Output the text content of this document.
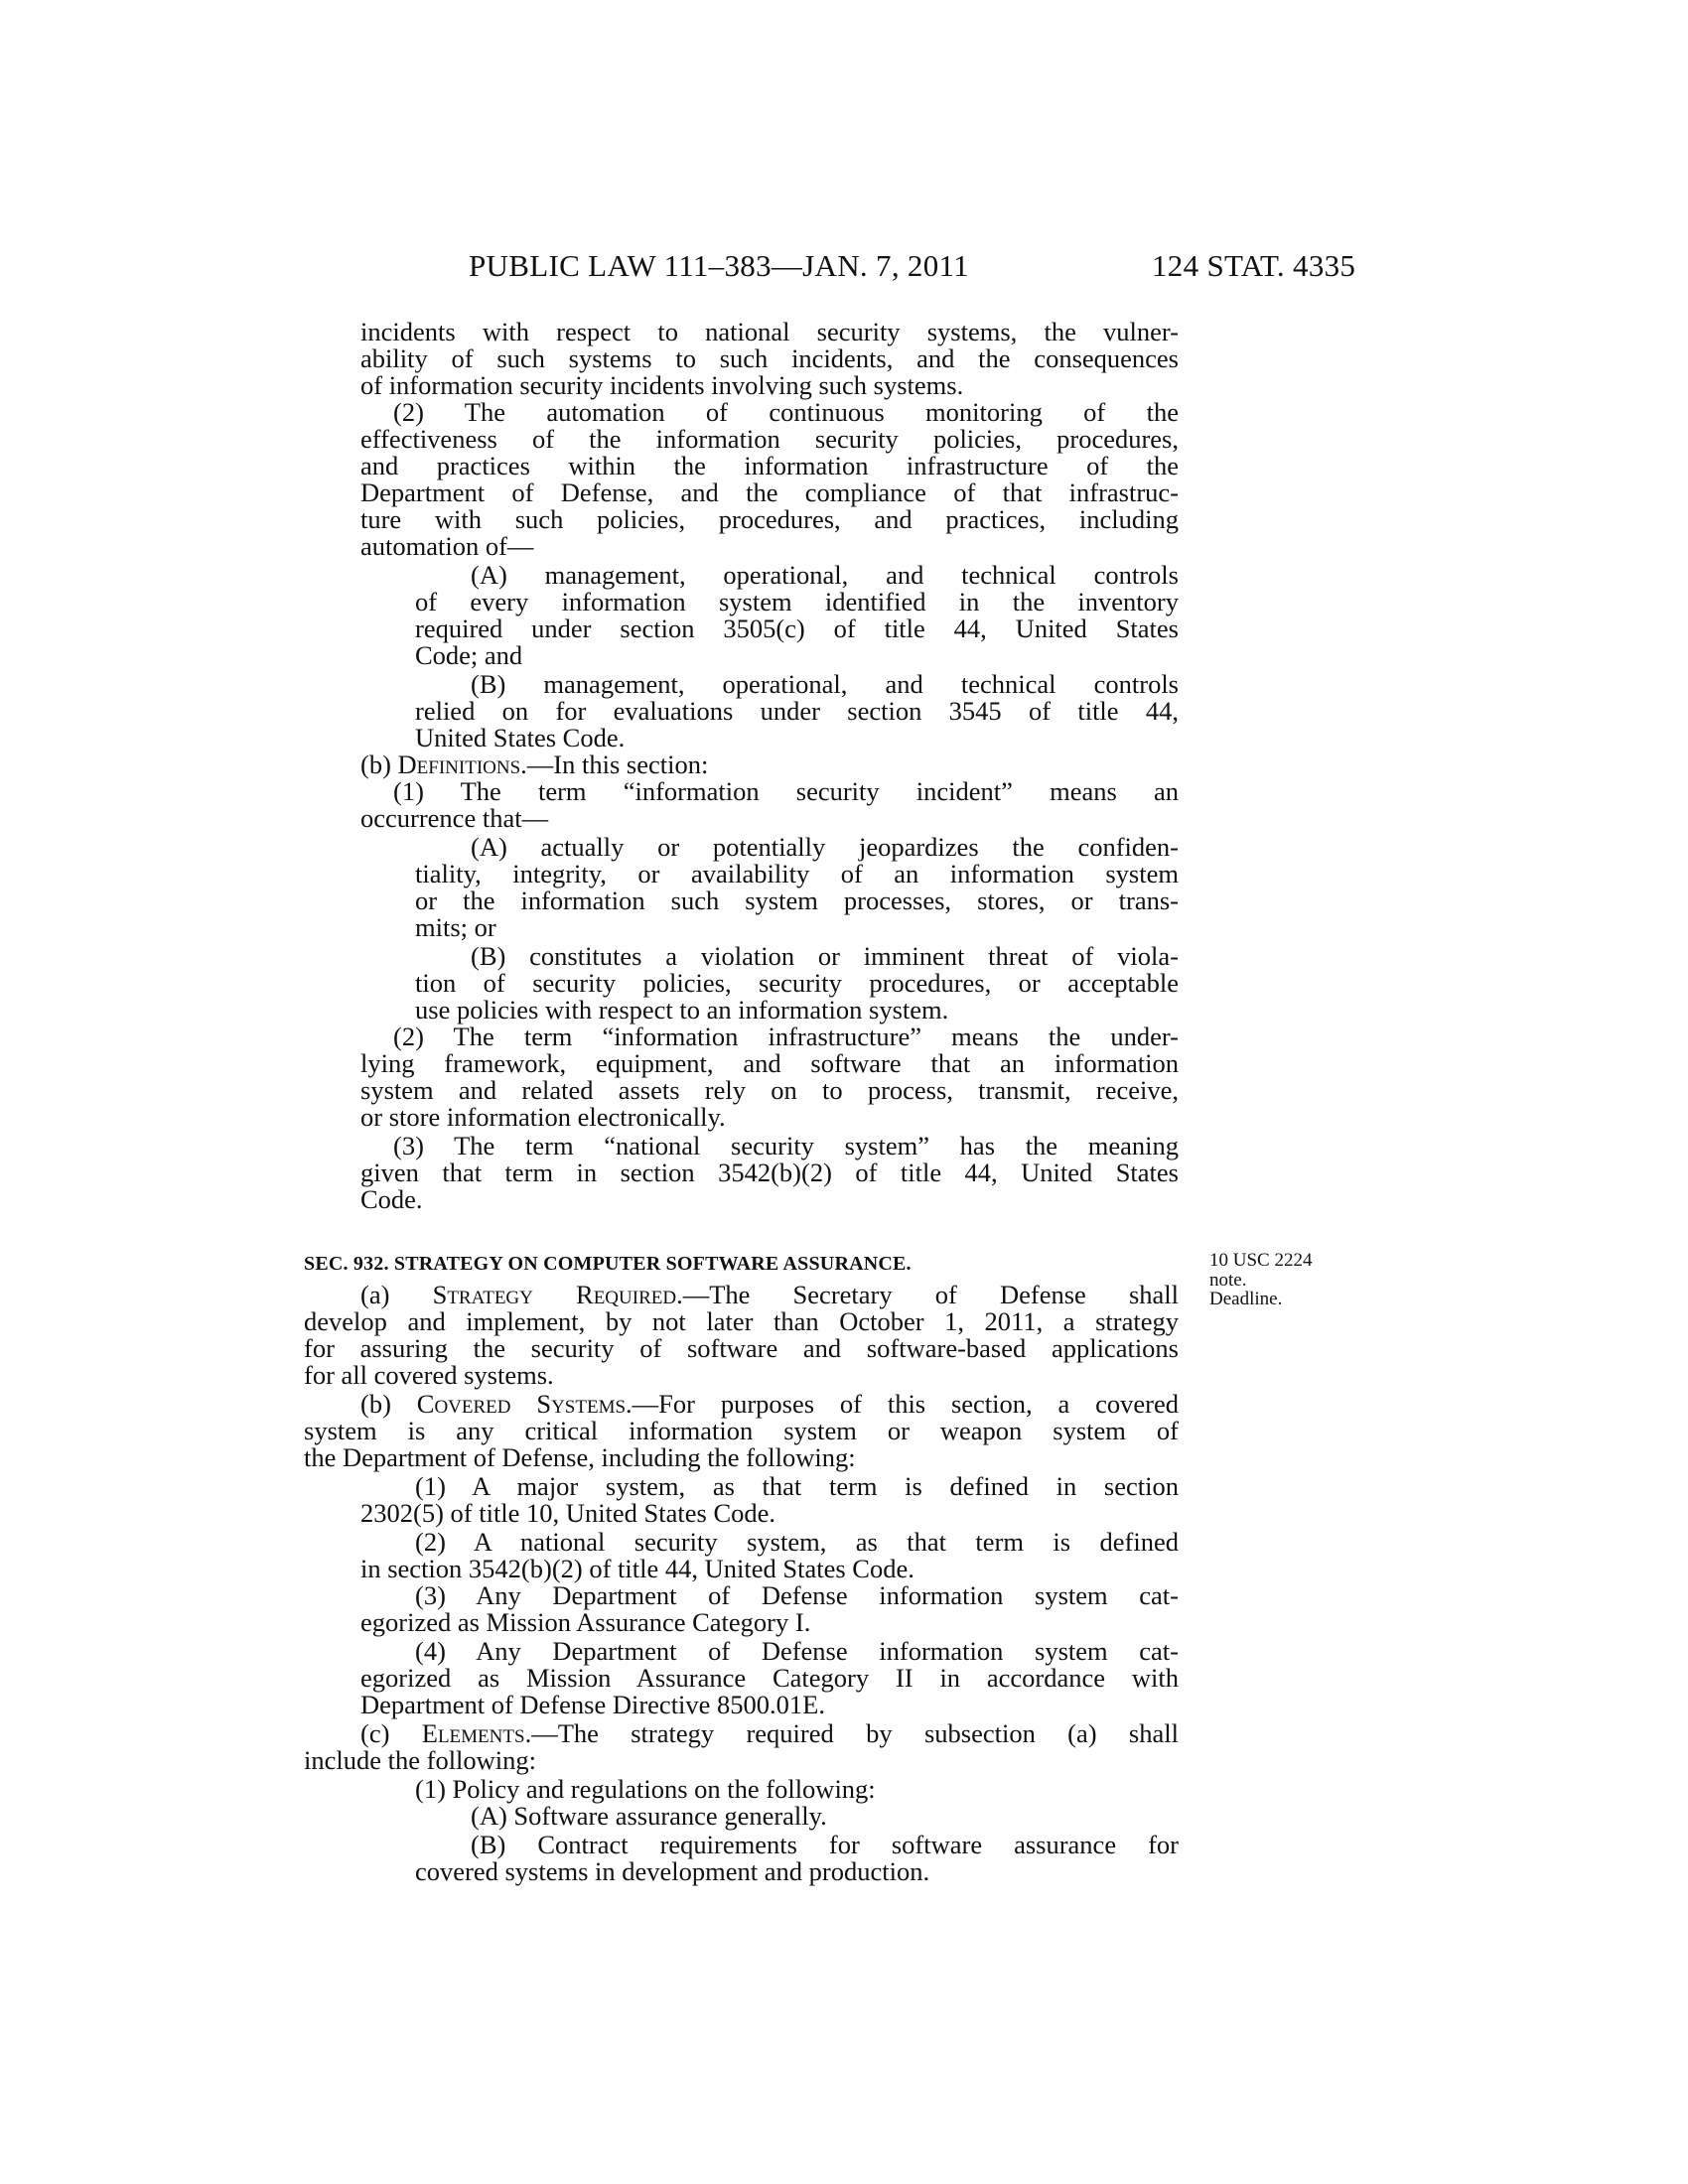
PUBLIC LAW 111–383—JAN. 7, 2011	124 STAT. 4335
incidents with respect to national security systems, the vulner-
ability of such systems to such incidents, and the consequences
of information security incidents involving such systems.
(2) The automation of continuous monitoring of the
effectiveness of the information security policies, procedures,
and practices within the information infrastructure of the
Department of Defense, and the compliance of that infrastruc-
ture with such policies, procedures, and practices, including
automation of—
(A) management, operational, and technical controls
of every information system identified in the inventory
required under section 3505(c) of title 44, United States
Code; and
(B) management, operational, and technical controls
relied on for evaluations under section 3545 of title 44,
United States Code.
(b) Definitions.—In this section:
(1) The term “information security incident” means an
occurrence that—
(A) actually or potentially jeopardizes the confiden-
tiality, integrity, or availability of an information system
or the information such system processes, stores, or trans-
mits; or
(B) constitutes a violation or imminent threat of viola-
tion of security policies, security procedures, or acceptable
use policies with respect to an information system.
(2) The term “information infrastructure” means the under-
lying framework, equipment, and software that an information
system and related assets rely on to process, transmit, receive,
or store information electronically.
(3) The term “national security system” has the meaning
given that term in section 3542(b)(2) of title 44, United States
Code.
SEC. 932. STRATEGY ON COMPUTER SOFTWARE ASSURANCE.	10 USC 2224
note.
Deadline.
(a) Strategy Required.—The Secretary of Defense shall
develop and implement, by not later than October 1, 2011, a strategy
for assuring the security of software and software-based applications
for all covered systems.
(b) Covered Systems.—For purposes of this section, a covered
system is any critical information system or weapon system of
the Department of Defense, including the following:
(1) A major system, as that term is defined in section
2302(5) of title 10, United States Code.
(2) A national security system, as that term is defined
in section 3542(b)(2) of title 44, United States Code.
(3) Any Department of Defense information system cat-
egorized as Mission Assurance Category I.
(4) Any Department of Defense information system cat-
egorized as Mission Assurance Category II in accordance with
Department of Defense Directive 8500.01E.
(c) Elements.—The strategy required by subsection (a) shall
include the following:
(1) Policy and regulations on the following:
(A) Software assurance generally.
(B) Contract requirements for software assurance for
covered systems in development and production.
